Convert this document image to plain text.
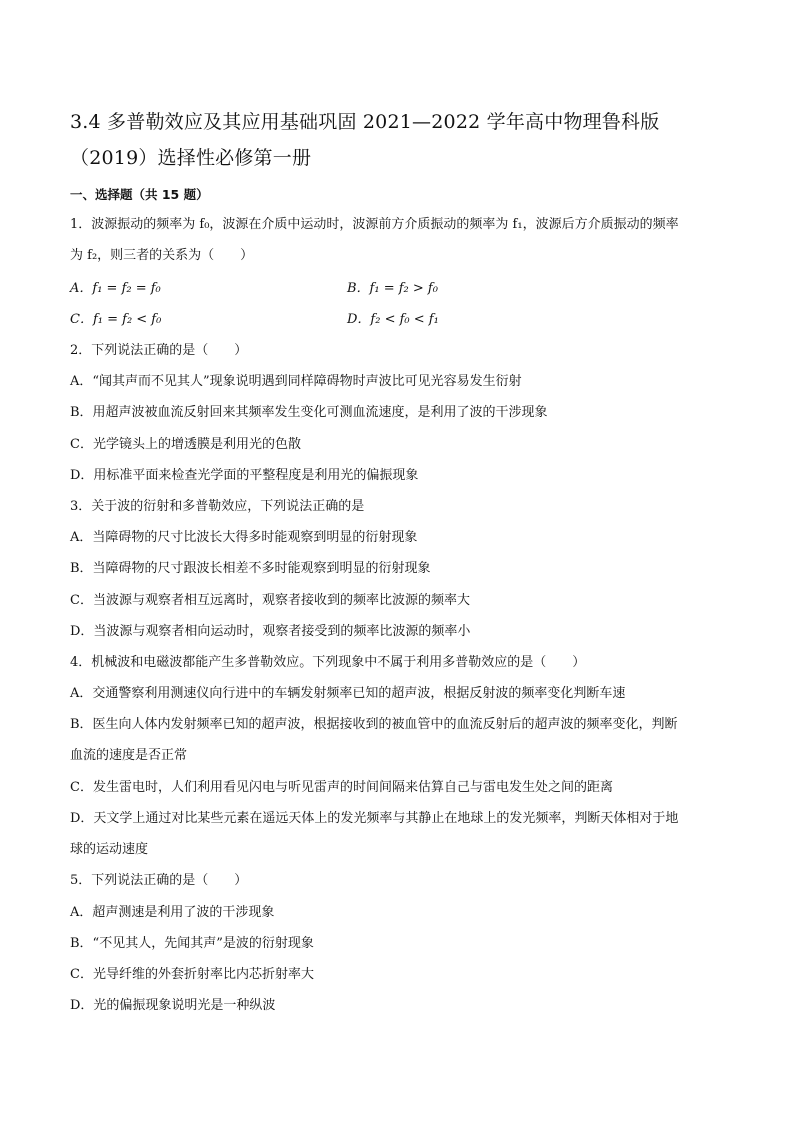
3.4 多普勒效应及其应用基础巩固 2021—2022 学年高中物理鲁科版（2019）选择性必修第一册
一、选择题（共 15 题）
1．波源振动的频率为 f₀，波源在介质中运动时，波源前方介质振动的频率为 f₁，波源后方介质振动的频率
为 f₂，则三者的关系为（　　）
A．f₁ = f₂ = f₀	B．f₁ = f₂ > f₀
C．f₁ = f₂ < f₀	D．f₂ < f₀ < f₁
2．下列说法正确的是（　　）
A．“闻其声而不见其人”现象说明遇到同样障碍物时声波比可见光容易发生衍射
B．用超声波被血流反射回来其频率发生变化可测血流速度，是利用了波的干涉现象
C．光学镜头上的增透膜是利用光的色散
D．用标准平面来检查光学面的平整程度是利用光的偏振现象
3．关于波的衍射和多普勒效应，下列说法正确的是
A．当障碍物的尺寸比波长大得多时能观察到明显的衍射现象
B．当障碍物的尺寸跟波长相差不多时能观察到明显的衍射现象
C．当波源与观察者相互远离时，观察者接收到的频率比波源的频率大
D．当波源与观察者相向运动时，观察者接受到的频率比波源的频率小
4．机械波和电磁波都能产生多普勒效应。下列现象中不属于利用多普勒效应的是（　　）
A．交通警察利用测速仪向行进中的车辆发射频率已知的超声波，根据反射波的频率变化判断车速
B．医生向人体内发射频率已知的超声波，根据接收到的被血管中的血流反射后的超声波的频率变化，判断
血流的速度是否正常
C．发生雷电时，人们利用看见闪电与听见雷声的时间间隔来估算自己与雷电发生处之间的距离
D．天文学上通过对比某些元素在遥远天体上的发光频率与其静止在地球上的发光频率，判断天体相对于地
球的运动速度
5．下列说法正确的是（　　）
A．超声测速是利用了波的干涉现象
B．“不见其人，先闻其声”是波的衍射现象
C．光导纤维的外套折射率比内芯折射率大
D．光的偏振现象说明光是一种纵波
